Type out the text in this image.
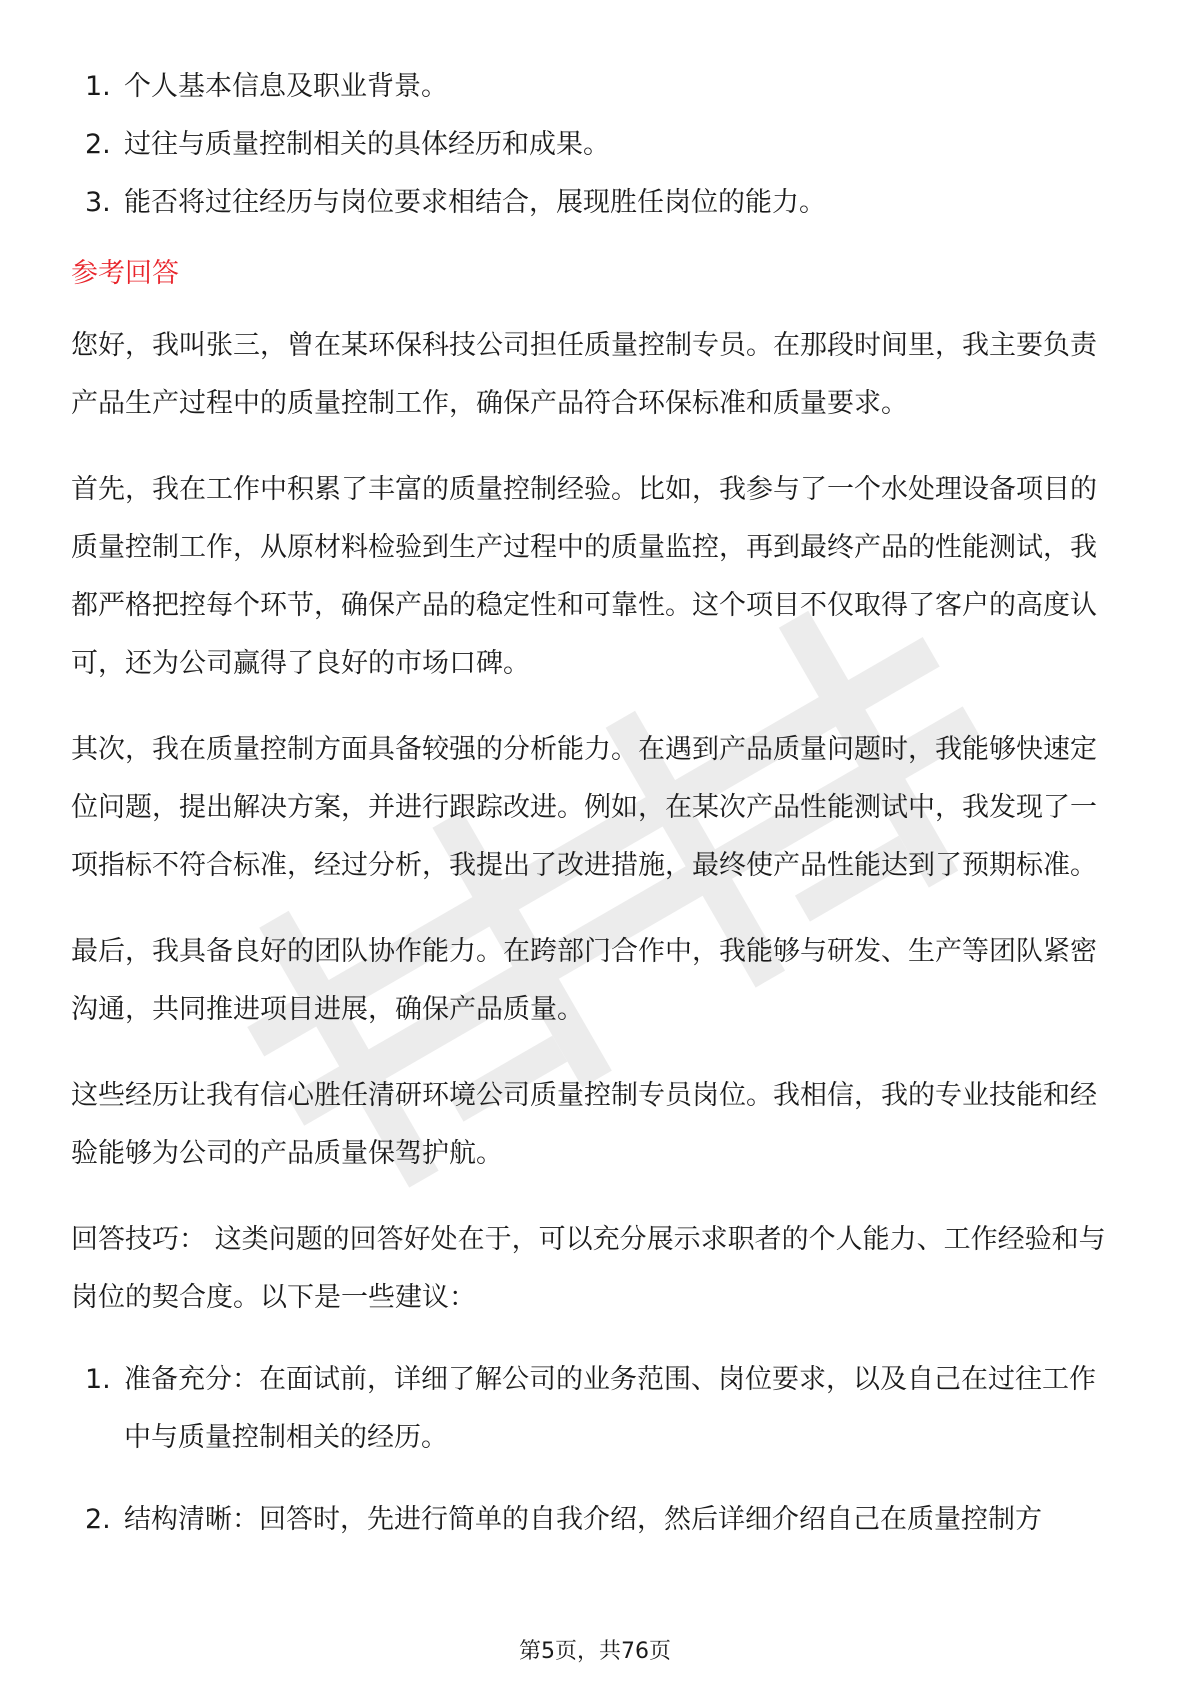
1. 个人基本信息及职业背景。
2. 过往与质量控制相关的具体经历和成果。
3. 能否将过往经历与岗位要求相结合，展现胜任岗位的能力。
参考回答

您好，我叫张三，曾在某环保科技公司担任质量控制专员。在那段时间里，我主要负责产品生产过程中的质量控制工作，确保产品符合环保标准和质量要求。

首先，我在工作中积累了丰富的质量控制经验。比如，我参与了一个水处理设备项目的质量控制工作，从原材料检验到生产过程中的质量监控，再到最终产品的性能测试，我都严格把控每个环节，确保产品的稳定性和可靠性。这个项目不仅取得了客户的高度认可，还为公司赢得了良好的市场口碑。

其次，我在质量控制方面具备较强的分析能力。在遇到产品质量问题时，我能够快速定位问题，提出解决方案，并进行跟踪改进。例如，在某次产品性能测试中，我发现了一项指标不符合标准，经过分析，我提出了改进措施，最终使产品性能达到了预期标准。

最后，我具备良好的团队协作能力。在跨部门合作中，我能够与研发、生产等团队紧密沟通，共同推进项目进展，确保产品质量。

这些经历让我有信心胜任清研环境公司质量控制专员岗位。我相信，我的专业技能和经验能够为公司的产品质量保驾护航。

回答技巧： 这类问题的回答好处在于，可以充分展示求职者的个人能力、工作经验和与岗位的契合度。以下是一些建议：

1. 准备充分：在面试前，详细了解公司的业务范围、岗位要求，以及自己在过往工作中与质量控制相关的经历。
2. 结构清晰：回答时，先进行简单的自我介绍，然后详细介绍自己在质量控制方
第5页，共76页
